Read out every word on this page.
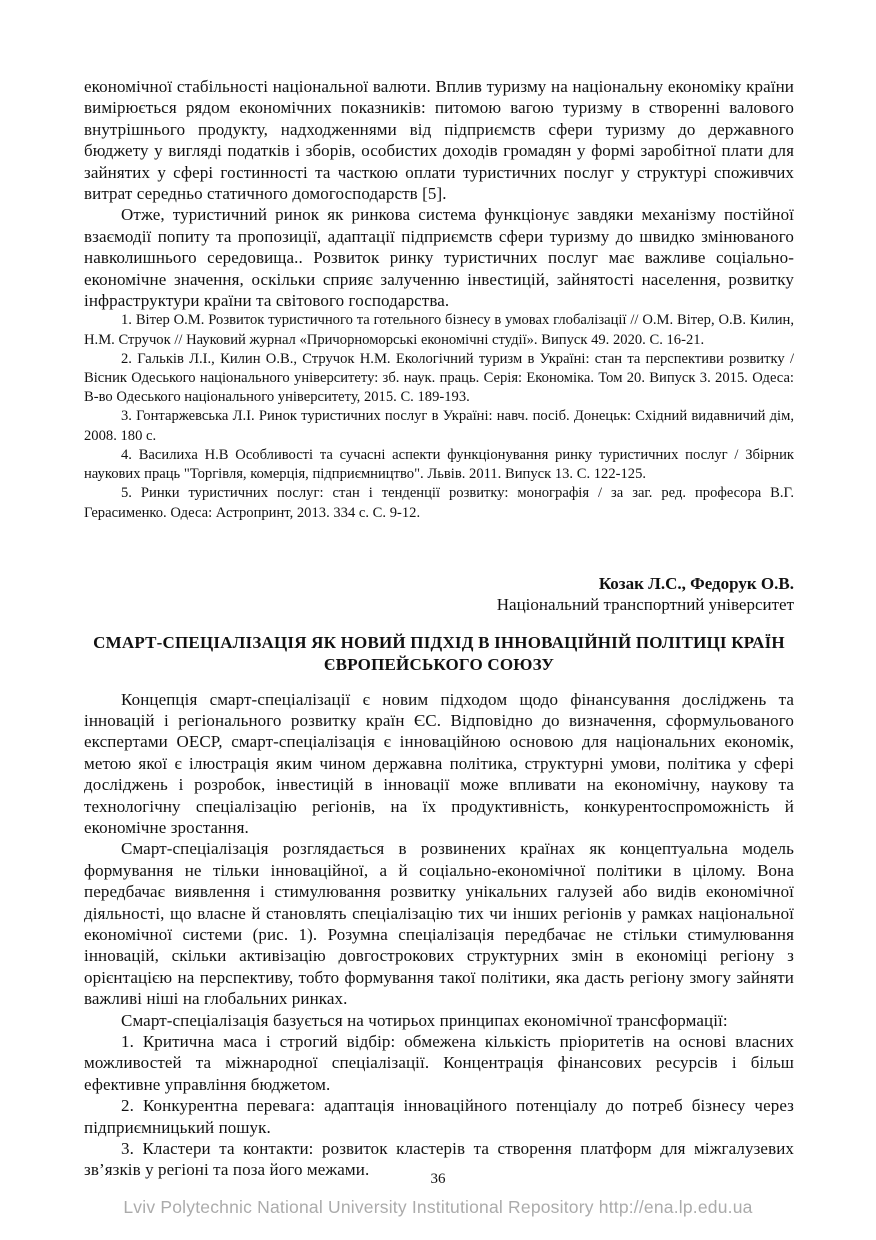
економічної стабільності національної валюти. Вплив туризму на національну економіку країни вимірюється рядом економічних показників: питомою вагою туризму в створенні валового внутрішнього продукту, надходженнями від підприємств сфери туризму до державного бюджету у вигляді податків і зборів, особистих доходів громадян у формі заробітної плати для зайнятих у сфері гостинності та часткою оплати туристичних послуг у структурі споживчих витрат середньо статичного домогосподарств [5].

Отже, туристичний ринок як ринкова система функціонує завдяки механізму постійної взаємодії попиту та пропозиції, адаптації підприємств сфери туризму до швидко змінюваного навколишнього середовища.. Розвиток ринку туристичних послуг має важливе соціально-економічне значення, оскільки сприяє залученню інвестицій, зайнятості населення, розвитку інфраструктури країни та світового господарства.

1. Вітер О.М. Розвиток туристичного та готельного бізнесу в умовах глобалізації // О.М. Вітер, О.В. Килин, Н.М. Стручок // Науковий журнал «Причорноморські економічні студії». Випуск 49. 2020. С. 16-21.

2. Гальків Л.І., Килин О.В., Стручок Н.М. Екологічний туризм в Україні: стан та перспективи розвитку / Вісник Одеського національного університету: зб. наук. праць. Серія: Економіка. Том 20. Випуск 3. 2015. Одеса: В-во Одеського національного університету, 2015. С. 189-193.

3. Гонтаржевська Л.І. Ринок туристичних послуг в Україні: навч. посіб. Донецьк: Східний видавничий дім, 2008. 180 с.

4. Василиха Н.В Особливості та сучасні аспекти функціонування ринку туристичних послуг / Збірник наукових праць "Торгівля, комерція, підприємництво". Львів. 2011. Випуск 13. С. 122-125.

5. Ринки туристичних послуг: стан і тенденції розвитку: монографія / за заг. ред. професора В.Г. Герасименко. Одеса: Астропринт, 2013. 334 с. С. 9-12.

Козак Л.С., Федорук О.В.

Національний транспортний університет

СМАРТ-СПЕЦІАЛІЗАЦІЯ ЯК НОВИЙ ПІДХІД В ІННОВАЦІЙНІЙ ПОЛІТИЦІ КРАЇН ЄВРОПЕЙСЬКОГО СОЮЗУ

Концепція смарт-спеціалізації є новим підходом щодо фінансування досліджень та інновацій і регіонального розвитку країн ЄС. Відповідно до визначення, сформульованого експертами ОЕСР, смарт-спеціалізація є інноваційною основою для національних економік, метою якої є ілюстрація яким чином державна політика, структурні умови, політика у сфері досліджень і розробок, інвестицій в інновації може впливати на економічну, наукову та технологічну спеціалізацію регіонів, на їх продуктивність, конкурентоспроможність й економічне зростання.

Смарт-спеціалізація розглядається в розвинених країнах як концептуальна модель формування не тільки інноваційної, а й соціально-економічної політики в цілому. Вона передбачає виявлення і стимулювання розвитку унікальних галузей або видів економічної діяльності, що власне й становлять спеціалізацію тих чи інших регіонів у рамках національної економічної системи (рис. 1). Розумна спеціалізація передбачає не стільки стимулювання інновацій, скільки активізацію довгострокових структурних змін в економіці регіону з орієнтацією на перспективу, тобто формування такої політики, яка дасть регіону змогу зайняти важливі ніші на глобальних ринках.

Смарт-спеціалізація базується на чотирьох принципах економічної трансформації:

1. Критична маса і строгий відбір: обмежена кількість пріоритетів на основі власних можливостей та міжнародної спеціалізації. Концентрація фінансових ресурсів і більш ефективне управління бюджетом.

2. Конкурентна перевага: адаптація інноваційного потенціалу до потреб бізнесу через підприємницький пошук.

3. Кластери та контакти: розвиток кластерів та створення платформ для міжгалузевих зв’язків у регіоні та поза його межами.	36
Lviv Polytechnic National University Institutional Repository http://ena.lp.edu.ua
